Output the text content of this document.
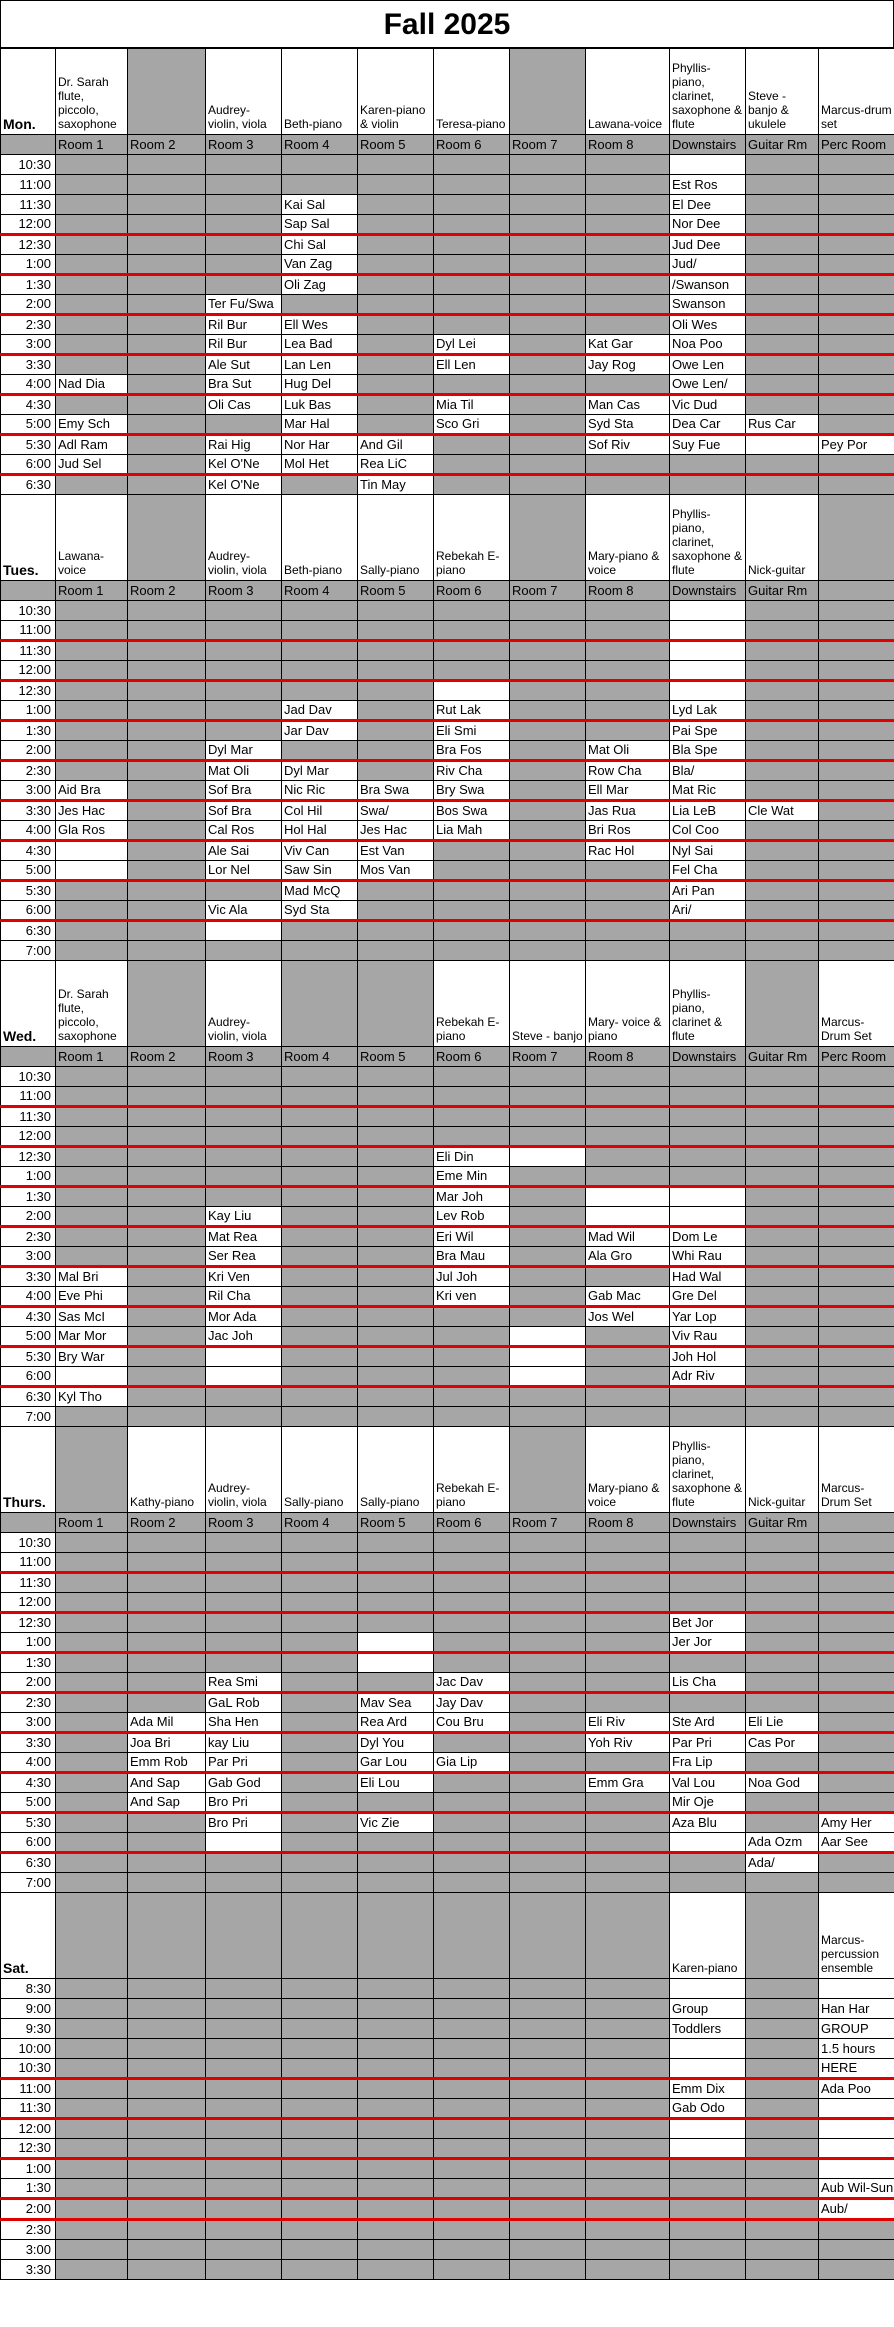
Fall 2025
Mon.	Dr. Sarah flute, piccolo, saxophone		Audrey-violin, viola	Beth-piano	Karen-piano & violin	Teresa-piano		Lawana-voice	Phyllis-piano, clarinet, saxophone & flute	Steve - banjo & ukulele	Marcus-drum set
	Room 1	Room 2	Room 3	Room 4	Room 5	Room 6	Room 7	Room 8	Downstairs	Guitar Rm	Perc Room
10:30											
11:00									Est Ros		
11:30				Kai Sal					El Dee		
12:00				Sap Sal					Nor Dee		
12:30				Chi Sal					Jud Dee		
1:00				Van Zag					Jud/		
1:30				Oli Zag					/Swanson		
2:00			Ter Fu/Swa						Swanson		
2:30			Ril Bur	Ell Wes					Oli Wes		
3:00			Ril Bur	Lea Bad		Dyl Lei		Kat Gar	Noa Poo		
3:30			Ale Sut	Lan Len		Ell Len		Jay Rog	Owe Len		
4:00	Nad Dia		Bra Sut	Hug Del					Owe Len/		
4:30			Oli Cas	Luk Bas		Mia Til		Man Cas	Vic Dud		
5:00	Emy Sch			Mar Hal		Sco Gri		Syd Sta	Dea Car	Rus Car	
5:30	Adl Ram		Rai Hig	Nor Har	And Gil			Sof Riv	Suy Fue		Pey Por
6:00	Jud Sel		Kel O'Ne	Mol Het	Rea LiC						
6:30			Kel O'Ne		Tin May						
Tues.	Lawana-voice		Audrey-violin, viola	Beth-piano	Sally-piano	Rebekah E-piano		Mary-piano & voice	Phyllis-piano, clarinet, saxophone & flute	Nick-guitar	
	Room 1	Room 2	Room 3	Room 4	Room 5	Room 6	Room 7	Room 8	Downstairs	Guitar Rm	
10:30											
11:00											
11:30											
12:00											
12:30											
1:00				Jad Dav		Rut Lak			Lyd Lak		
1:30				Jar Dav		Eli Smi			Pai Spe		
2:00			Dyl Mar			Bra Fos		Mat Oli	Bla Spe		
2:30			Mat Oli	Dyl Mar		Riv Cha		Row Cha	Bla/		
3:00	Aid Bra		Sof Bra	Nic Ric	Bra Swa	Bry Swa		Ell Mar	Mat Ric		
3:30	Jes Hac		Sof Bra	Col Hil	Swa/	Bos Swa		Jas Rua	Lia LeB	Cle Wat	
4:00	Gla Ros		Cal Ros	Hol Hal	Jes Hac	Lia Mah		Bri Ros	Col Coo		
4:30			Ale Sai	Viv Can	Est Van			Rac Hol	Nyl Sai		
5:00			Lor Nel	Saw Sin	Mos Van				Fel Cha		
5:30				Mad McQ					Ari Pan		
6:00			Vic Ala	Syd Sta					Ari/		
6:30											
7:00											
Wed.	Dr. Sarah flute, piccolo, saxophone		Audrey-violin, viola			Rebekah E-piano	Steve - banjo	Mary- voice & piano	Phyllis-piano, clarinet & flute		Marcus-Drum Set
	Room 1	Room 2	Room 3	Room 4	Room 5	Room 6	Room 7	Room 8	Downstairs	Guitar Rm	Perc Room
10:30											
11:00											
11:30											
12:00											
12:30						Eli Din					
1:00						Eme Min					
1:30						Mar Joh					
2:00			Kay Liu			Lev Rob					
2:30			Mat Rea			Eri Wil		Mad Wil	Dom Le		
3:00			Ser Rea			Bra Mau		Ala Gro	Whi Rau		
3:30	Mal Bri		Kri Ven			Jul Joh			Had Wal		
4:00	Eve Phi		Ril Cha			Kri ven		Gab Mac	Gre Del		
4:30	Sas McI		Mor Ada					Jos Wel	Yar Lop		
5:00	Mar Mor		Jac Joh						Viv Rau		
5:30	Bry War								Joh Hol		
6:00									Adr Riv		
6:30	Kyl Tho										
7:00											
Thurs.		Kathy-piano	Audrey-violin, viola	Sally-piano	Sally-piano	Rebekah E-piano		Mary-piano & voice	Phyllis-piano, clarinet, saxophone & flute	Nick-guitar	Marcus-Drum Set
	Room 1	Room 2	Room 3	Room 4	Room 5	Room 6	Room 7	Room 8	Downstairs	Guitar Rm	
10:30											
11:00											
11:30											
12:00											
12:30									Bet Jor		
1:00									Jer Jor		
1:30											
2:00			Rea Smi			Jac Dav			Lis Cha		
2:30			GaL Rob		Mav Sea	Jay Dav					
3:00		Ada Mil	Sha Hen		Rea Ard	Cou Bru		Eli Riv	Ste Ard	Eli Lie	
3:30		Joa Bri	kay Liu		Dyl You			Yoh Riv	Par Pri	Cas Por	
4:00		Emm Rob	Par Pri		Gar Lou	Gia Lip			Fra Lip		
4:30		And Sap	Gab God		Eli Lou			Emm Gra	Val Lou	Noa God	
5:00		And Sap	Bro Pri						Mir Oje		
5:30			Bro Pri		Vic Zie				Aza Blu		Amy Her
6:00										Ada Ozm	Aar See
6:30										Ada/	
7:00											
Sat.									Karen-piano		Marcus-percussion ensemble
8:30											
9:00									Group		Han Har
9:30									Toddlers		GROUP
10:00											1.5 hours
10:30											HERE
11:00									Emm Dix		Ada Poo
11:30									Gab Odo		
12:00											
12:30											
1:00											
1:30											Aub Wil-Sun
2:00											Aub/
2:30											
3:00											
3:30											
